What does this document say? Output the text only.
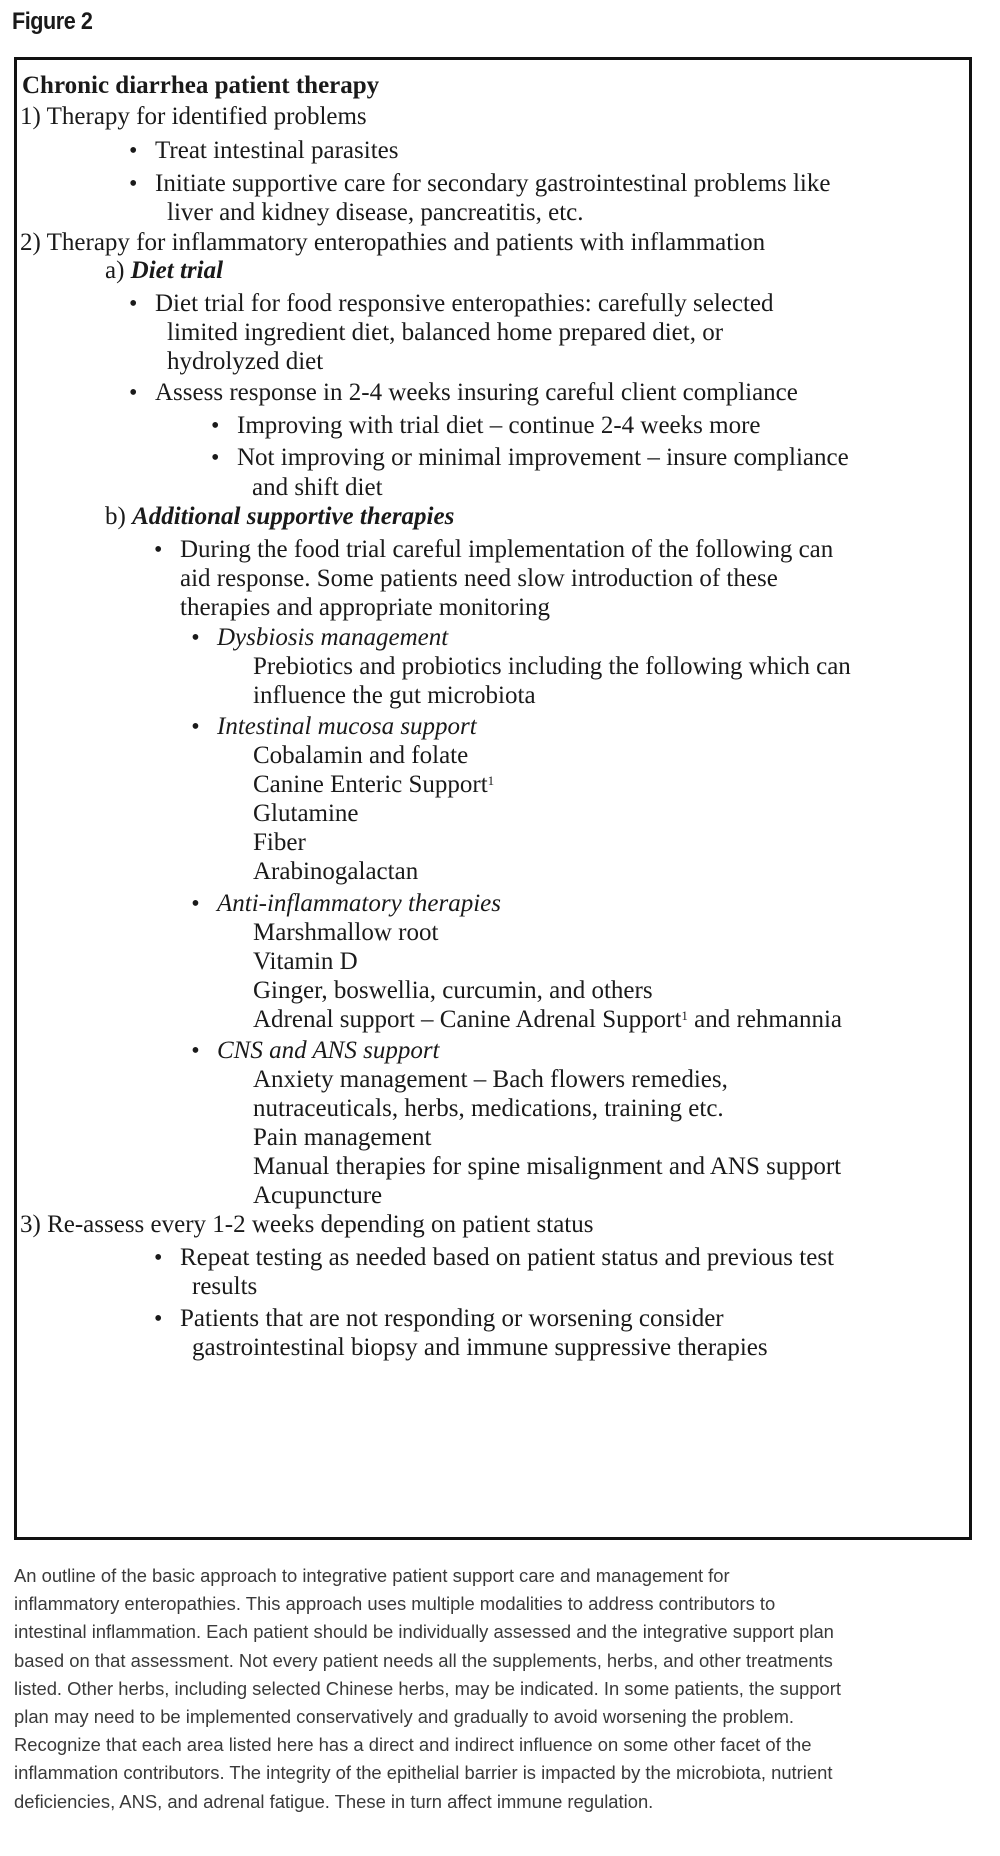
Figure 2
Chronic diarrhea patient therapy
1) Therapy for identified problems
• Treat intestinal parasites
• Initiate supportive care for secondary gastrointestinal problems like
liver and kidney disease, pancreatitis, etc.
2) Therapy for inflammatory enteropathies and patients with inflammation
a) Diet trial
• Diet trial for food responsive enteropathies: carefully selected
limited ingredient diet, balanced home prepared diet, or
hydrolyzed diet
• Assess response in 2-4 weeks insuring careful client compliance
• Improving with trial diet – continue 2-4 weeks more
• Not improving or minimal improvement – insure compliance
and shift diet
b) Additional supportive therapies
• During the food trial careful implementation of the following can
aid response. Some patients need slow introduction of these
therapies and appropriate monitoring
• Dysbiosis management
Prebiotics and probiotics including the following which can
influence the gut microbiota
• Intestinal mucosa support
Cobalamin and folate
Canine Enteric Support$^1$
Glutamine
Fiber
Arabinogalactan
• Anti-inflammatory therapies
Marshmallow root
Vitamin D
Ginger, boswellia, curcumin, and others
Adrenal support – Canine Adrenal Support$^1$ and rehmannia
• CNS and ANS support
Anxiety management – Bach flowers remedies,
nutraceuticals, herbs, medications, training etc.
Pain management
Manual therapies for spine misalignment and ANS support
Acupuncture
3) Re-assess every 1-2 weeks depending on patient status
• Repeat testing as needed based on patient status and previous test
results
• Patients that are not responding or worsening consider
gastrointestinal biopsy and immune suppressive therapies
An outline of the basic approach to integrative patient support care and management for
inflammatory enteropathies. This approach uses multiple modalities to address contributors to
intestinal inflammation. Each patient should be individually assessed and the integrative support plan
based on that assessment. Not every patient needs all the supplements, herbs, and other treatments
listed. Other herbs, including selected Chinese herbs, may be indicated. In some patients, the support
plan may need to be implemented conservatively and gradually to avoid worsening the problem.
Recognize that each area listed here has a direct and indirect influence on some other facet of the
inflammation contributors. The integrity of the epithelial barrier is impacted by the microbiota, nutrient
deficiencies, ANS, and adrenal fatigue. These in turn affect immune regulation.
